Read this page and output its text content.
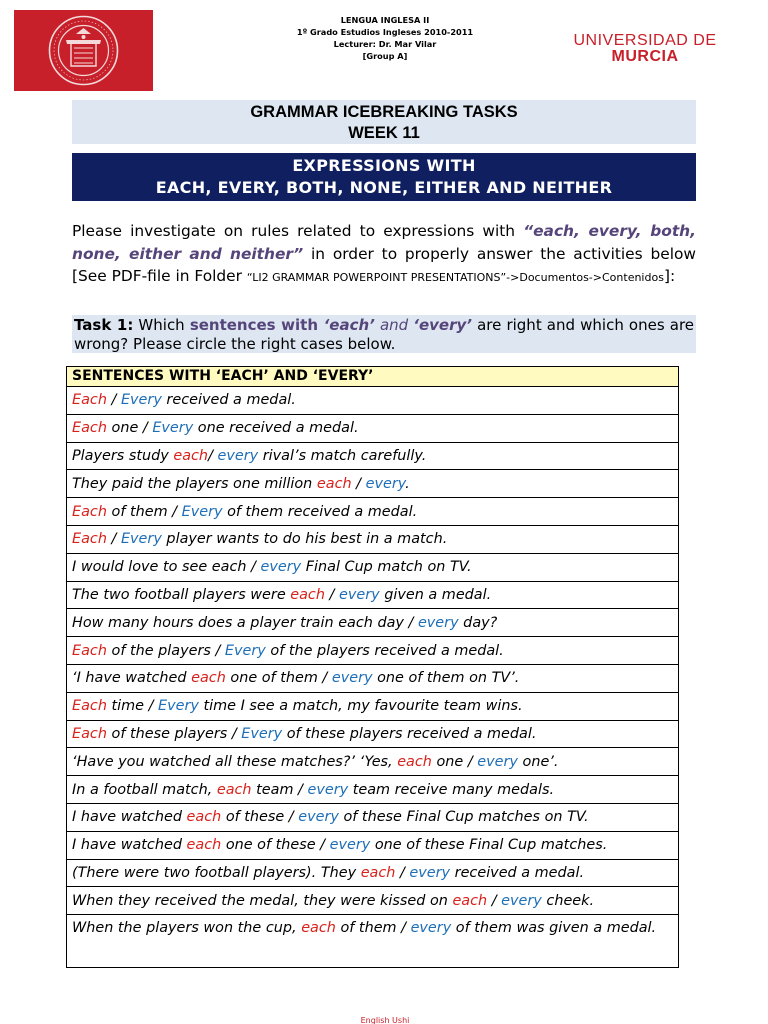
LENGUA INGLESA II
1º Grado Estudios Ingleses 2010-2011
Lecturer: Dr. Mar Vilar
[Group A]
UNIVERSIDAD DE
MURCIA
GRAMMAR ICEBREAKING TASKS
WEEK 11
EXPRESSIONS WITH
EACH, EVERY, BOTH, NONE, EITHER AND NEITHER
Please investigate on rules related to expressions with “each, every, both, none, either and neither” in order to properly answer the activities below [See PDF-file in Folder “LI2 GRAMMAR POWERPOINT PRESENTATIONS”->Documentos->Contenidos]:
Task 1: Which sentences with ‘each’ and ‘every’ are right and which ones are wrong? Please circle the right cases below.
SENTENCES WITH ‘EACH’ AND ‘EVERY’
Each / Every received a medal.
Each one / Every one received a medal.
Players study each/ every rival’s match carefully.
They paid the players one million each / every.
Each of them / Every of them received a medal.
Each / Every player wants to do his best in a match.
I would love to see each / every Final Cup match on TV.
The two football players were each / every given a medal.
How many hours does a player train each day / every day?
Each of the players / Every of the players received a medal.
‘I have watched each one of them / every one of them on TV’.
Each time / Every time I see a match, my favourite team wins.
Each of these players / Every of these players received a medal.
‘Have you watched all these matches?’ ‘Yes, each one / every one’.
In a football match, each team / every team receive many medals.
I have watched each of these / every of these Final Cup matches on TV.
I have watched each one of these / every one of these Final Cup matches.
(There were two football players). They each / every received a medal.
When they received the medal, they were kissed on each / every cheek.
When the players won the cup, each of them / every of them was given a medal.
English Ushi
